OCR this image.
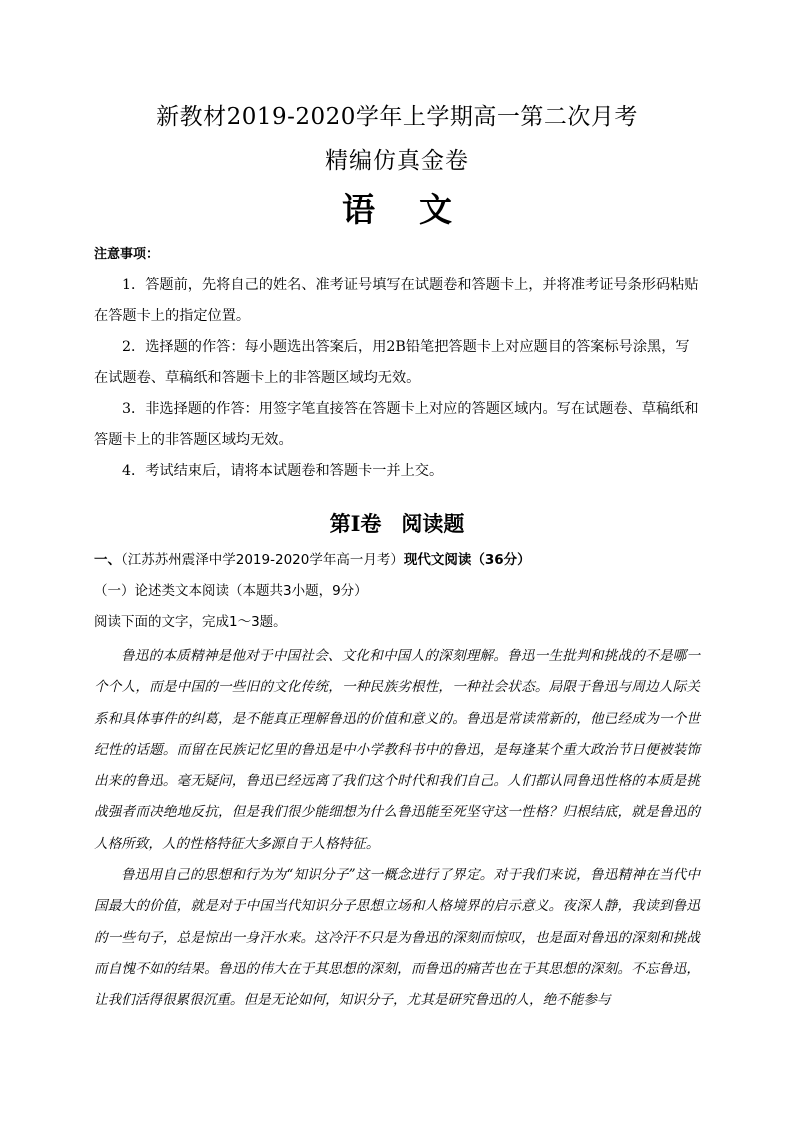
新教材2019-2020学年上学期高一第二次月考
精编仿真金卷
语 文
注意事项：

1．答题前，先将自己的姓名、准考证号填写在试题卷和答题卡上，并将准考证号条形码粘贴在答题卡上的指定位置。

2．选择题的作答：每小题选出答案后，用2B铅笔把答题卡上对应题目的答案标号涂黑，写在试题卷、草稿纸和答题卡上的非答题区域均无效。

3．非选择题的作答：用签字笔直接答在答题卡上对应的答题区域内。写在试题卷、草稿纸和答题卡上的非答题区域均无效。

4．考试结束后，请将本试题卷和答题卡一并上交。

第Ⅰ卷 阅读题
一、（江苏苏州震泽中学2019-2020学年高一月考）现代文阅读（36分）
（一）论述类文本阅读（本题共3小题，9分）
阅读下面的文字，完成1～3题。

鲁迅的本质精神是他对于中国社会、文化和中国人的深刻理解。鲁迅一生批判和挑战的不是哪一个个人，而是中国的一些旧的文化传统，一种民族劣根性，一种社会状态。局限于鲁迅与周边人际关系和具体事件的纠葛，是不能真正理解鲁迅的价值和意义的。鲁迅是常读常新的，他已经成为一个世纪性的话题。而留在民族记忆里的鲁迅是中小学教科书中的鲁迅，是每逢某个重大政治节日便被装饰出来的鲁迅。毫无疑问，鲁迅已经远离了我们这个时代和我们自己。人们都认同鲁迅性格的本质是挑战强者而决绝地反抗，但是我们很少能细想为什么鲁迅能至死坚守这一性格？归根结底，就是鲁迅的人格所致，人的性格特征大多源自于人格特征。

鲁迅用自己的思想和行为为“知识分子”这一概念进行了界定。对于我们来说，鲁迅精神在当代中国最大的价值，就是对于中国当代知识分子思想立场和人格境界的启示意义。夜深人静，我读到鲁迅的一些句子，总是惊出一身汗水来。这冷汗不只是为鲁迅的深刻而惊叹，也是面对鲁迅的深刻和挑战而自愧不如的结果。鲁迅的伟大在于其思想的深刻，而鲁迅的痛苦也在于其思想的深刻。不忘鲁迅，让我们活得很累很沉重。但是无论如何，知识分子，尤其是研究鲁迅的人，绝不能参与
